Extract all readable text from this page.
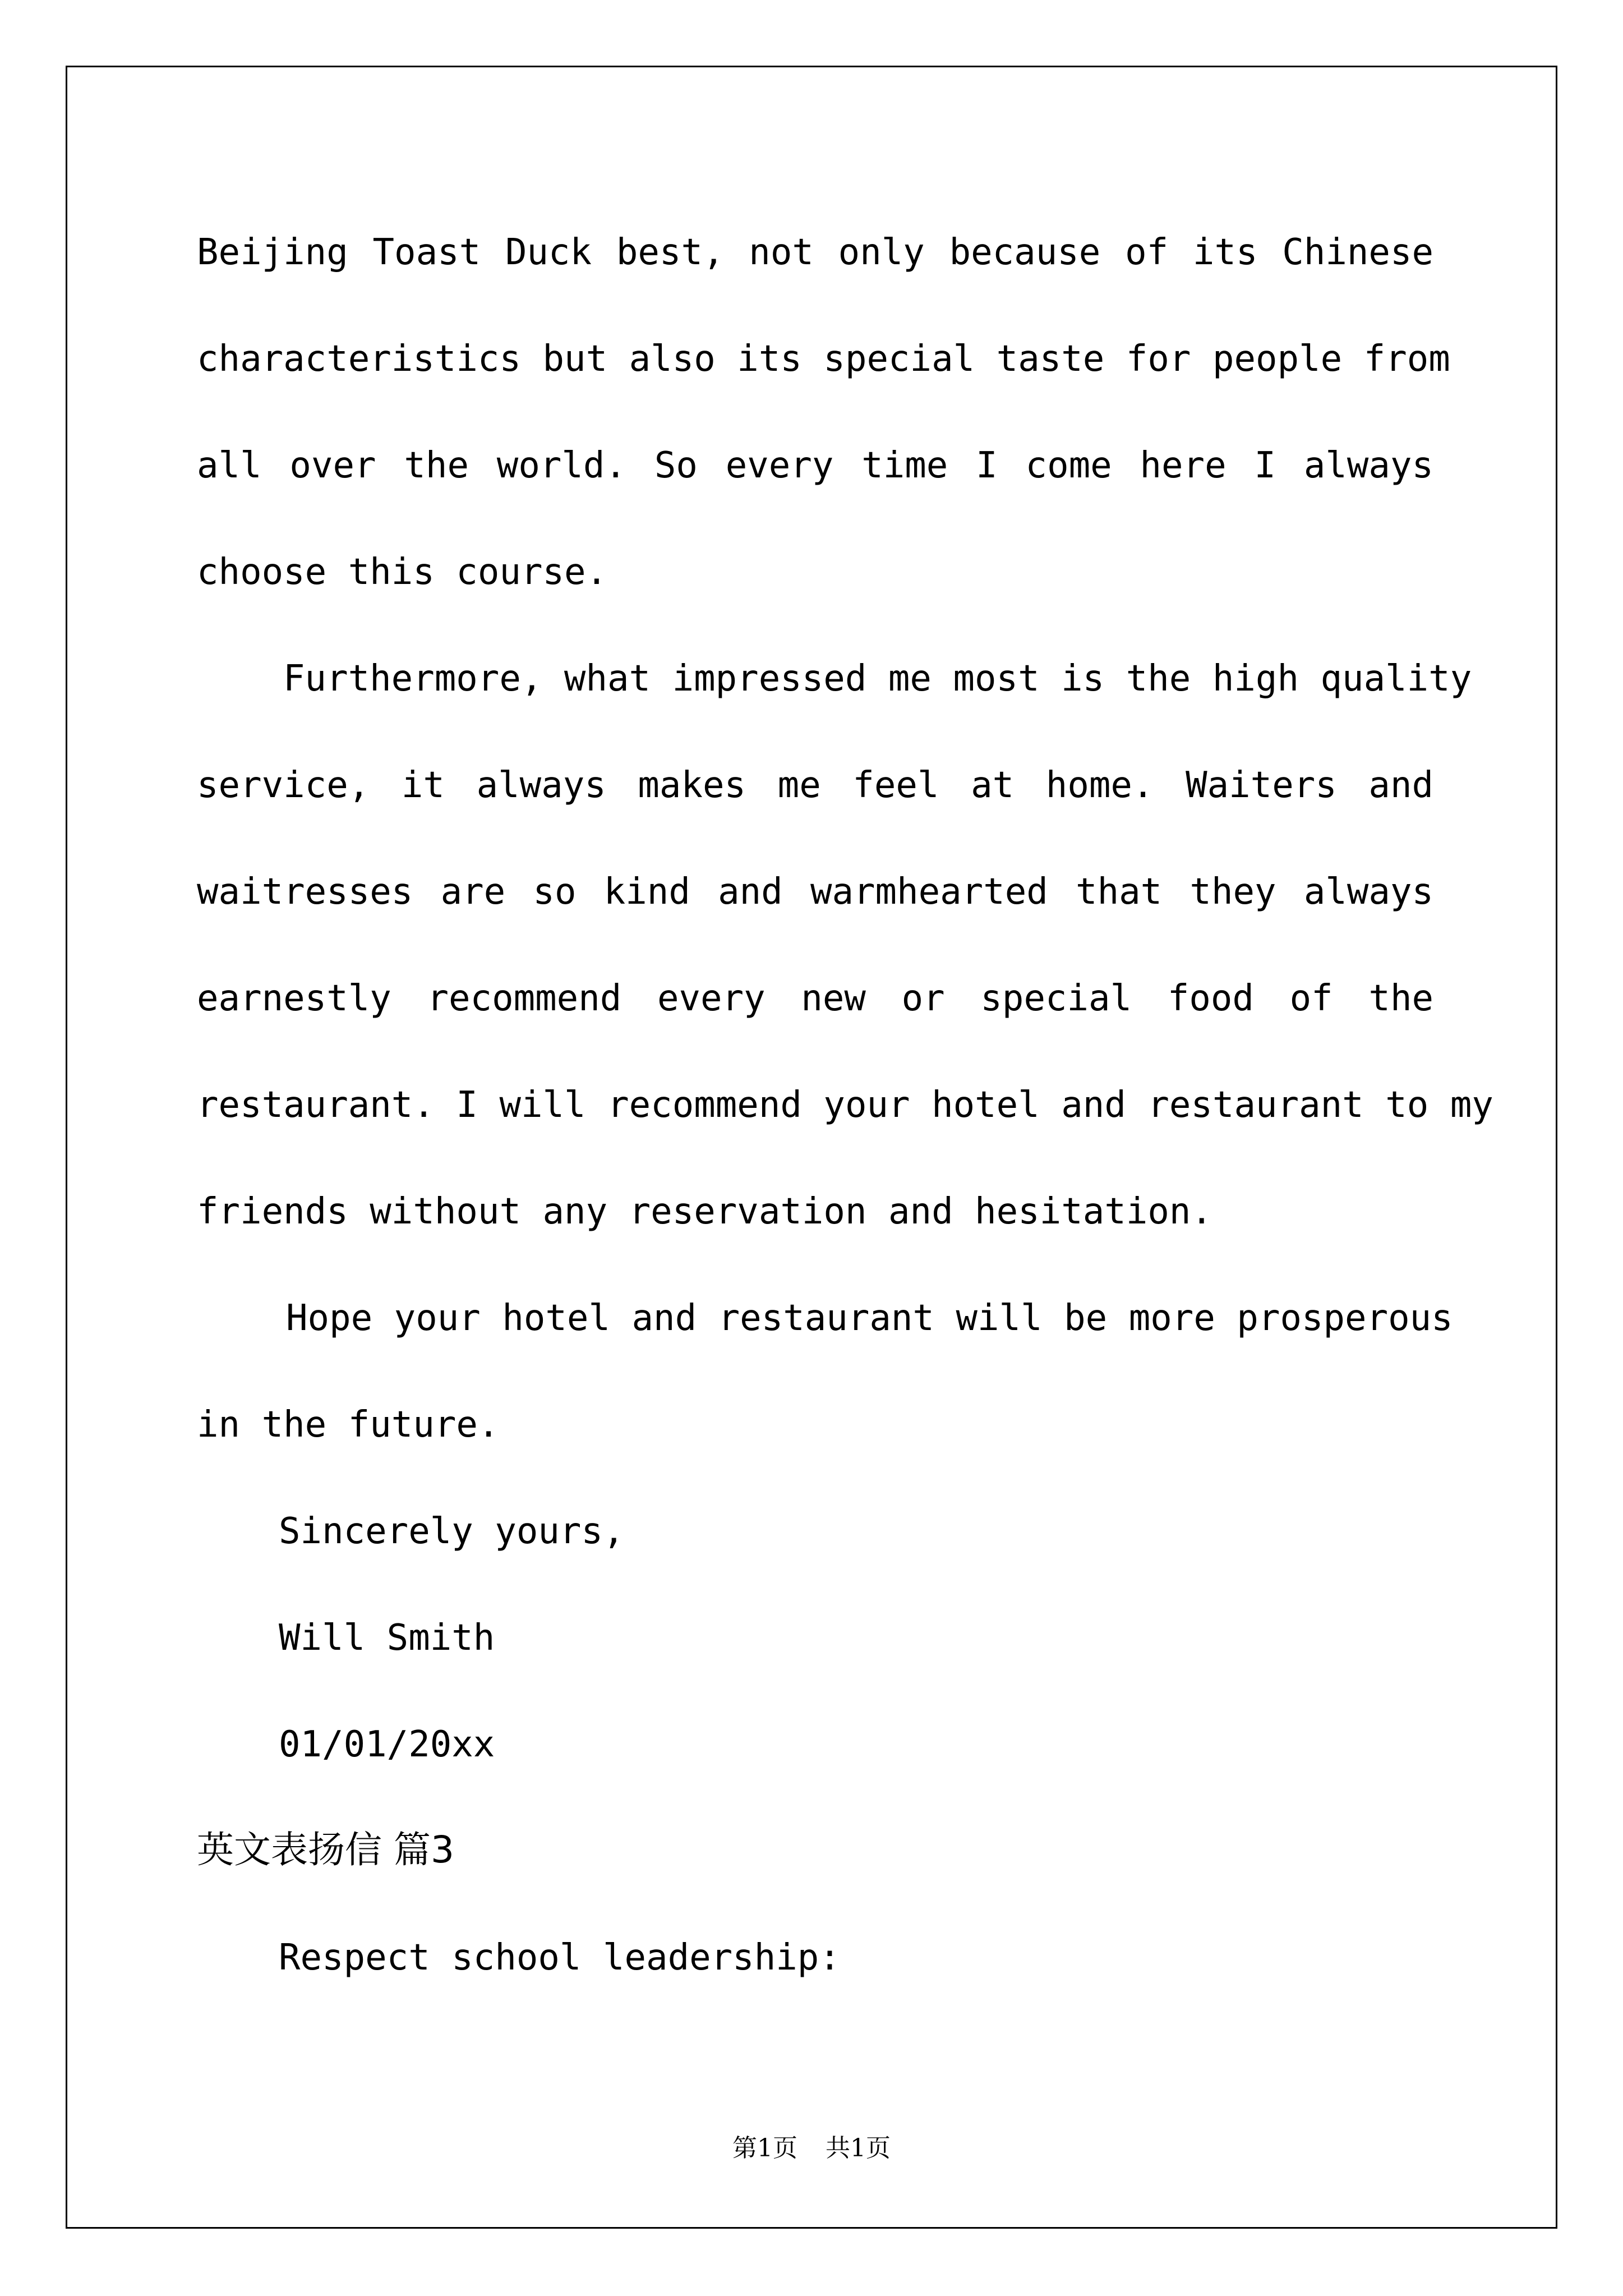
Beijing Toast Duck best, not only because of its Chinese

characteristics but also its special taste for people from

all over the world. So every time I come here I always

choose this course.

Furthermore, what impressed me most is the high quality

service, it always makes me feel at home. Waiters and

waitresses are so kind and warmhearted that they always

earnestly recommend every new or special food of the

restaurant. I will recommend your hotel and restaurant to my

friends without any reservation and hesitation.

Hope your hotel and restaurant will be more prosperous

in the future.

Sincerely yours,

Will Smith

01/01/20xx

英文表扬信 篇3

Respect school leadership:

第1页 共1页
